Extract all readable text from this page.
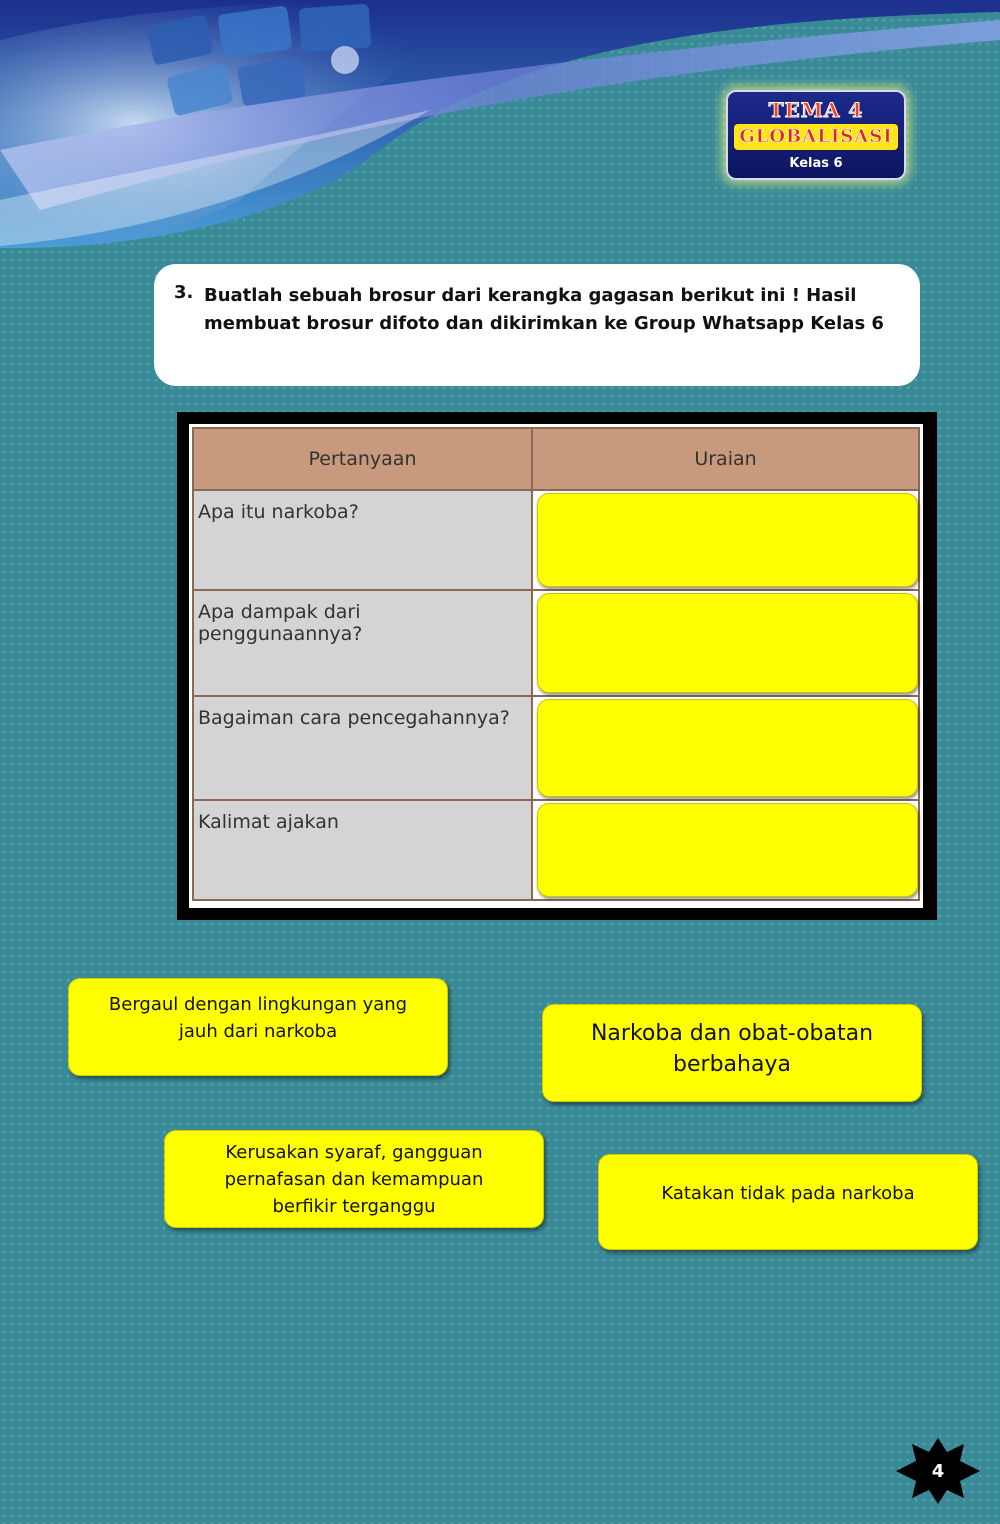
TEMA 4
GLOBALISASI
Kelas 6
3. Buatlah sebuah brosur dari kerangka gagasan berikut ini ! Hasil membuat brosur difoto dan dikirimkan ke Group Whatsapp Kelas 6
Pertanyaan	Uraian
Apa itu narkoba?	

Apa dampak dari penggunaannya?	

Bagaiman cara pencegahannya?	

Kalimat ajakan	
Bergaul dengan lingkungan yang jauh dari narkoba	Narkoba dan obat-obatan berbahaya
Kerusakan syaraf, gangguan pernafasan dan kemampuan berfikir terganggu
Katakan tidak pada narkoba
4
